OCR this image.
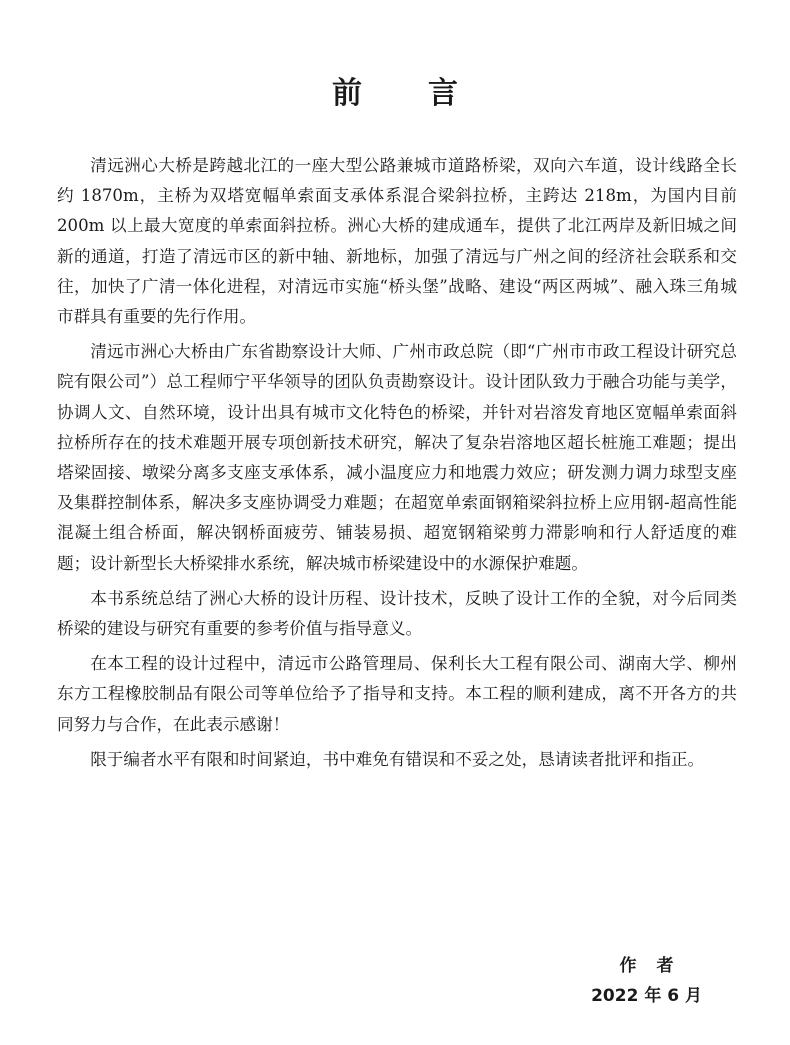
前 言

清远洲心大桥是跨越北江的一座大型公路兼城市道路桥梁，双向六车道，设计线路全长约 1870m，主桥为双塔宽幅单索面支承体系混合梁斜拉桥，主跨达 218m，为国内目前 200m 以上最大宽度的单索面斜拉桥。洲心大桥的建成通车，提供了北江两岸及新旧城之间新的通道，打造了清远市区的新中轴、新地标，加强了清远与广州之间的经济社会联系和交往，加快了广清一体化进程，对清远市实施“桥头堡”战略、建设“两区两城”、融入珠三角城市群具有重要的先行作用。

清远市洲心大桥由广东省勘察设计大师、广州市政总院（即“广州市市政工程设计研究总院有限公司”）总工程师宁平华领导的团队负责勘察设计。设计团队致力于融合功能与美学，协调人文、自然环境，设计出具有城市文化特色的桥梁，并针对岩溶发育地区宽幅单索面斜拉桥所存在的技术难题开展专项创新技术研究，解决了复杂岩溶地区超长桩施工难题；提出塔梁固接、墩梁分离多支座支承体系，减小温度应力和地震力效应；研发测力调力球型支座及集群控制体系，解决多支座协调受力难题；在超宽单索面钢箱梁斜拉桥上应用钢-超高性能混凝土组合桥面，解决钢桥面疲劳、铺装易损、超宽钢箱梁剪力滞影响和行人舒适度的难题；设计新型长大桥梁排水系统，解决城市桥梁建设中的水源保护难题。

本书系统总结了洲心大桥的设计历程、设计技术，反映了设计工作的全貌，对今后同类桥梁的建设与研究有重要的参考价值与指导意义。

在本工程的设计过程中，清远市公路管理局、保利长大工程有限公司、湖南大学、柳州东方工程橡胶制品有限公司等单位给予了指导和支持。本工程的顺利建成，离不开各方的共同努力与合作，在此表示感谢！

限于编者水平有限和时间紧迫，书中难免有错误和不妥之处，恳请读者批评和指正。

作者
2022 年 6 月
